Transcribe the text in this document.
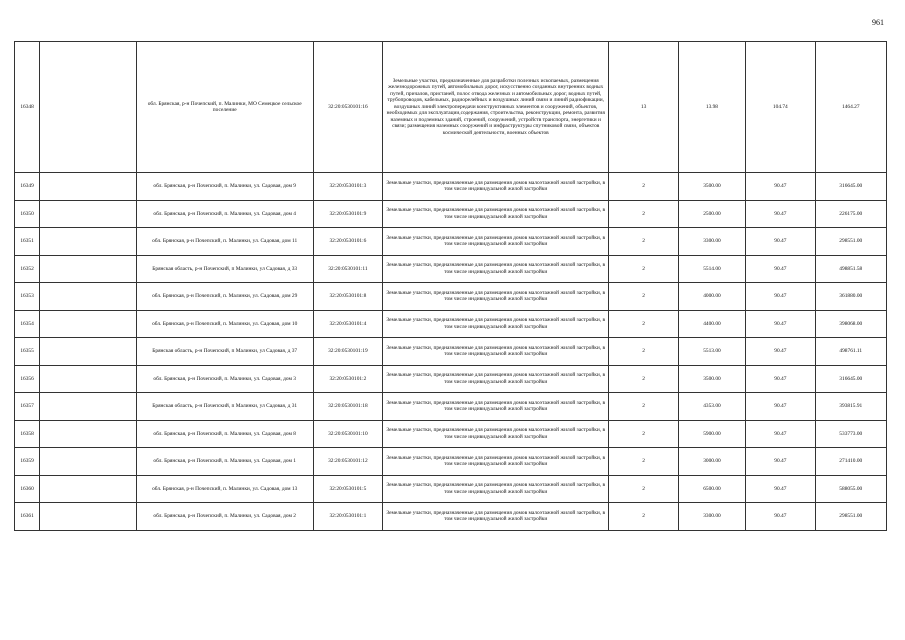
961
16348		обл. Брянская, р-н Почепский, п. Малинки, МО Семецкое сельское поселение	32:20:0530101:16	Земельные участки, предназначенные для разработки полезных ископаемых, размещения железнодорожных путей, автомобильных дорог, искусственно созданных внутренних водных путей, причалов, пристаней, полос отвода железных и автомобильных дорог, водных путей, трубопроводов, кабельных, радиорелейных и воздушных линий связи и линий радиофикации, воздушных линий электропередачи конструктивных элементов и сооружений, объектов, необходимых для эксплуатации,содержания, строительства, реконструкции, ремонта, развития наземных и подземных зданий, строений, сооружений, устройств транспорта, энергетики и связи; размещения наземных сооружений и инфраструктуры спутниковой связи, объектов космической деятельности, военных объектов	13	13.98	104.74	1464.27
16349		обл. Брянская, р-н Почепский, п. Малинки, ул. Садовая, дом 9	32:20:0530101:3	Земельные участки, предназначенные для размещения домов малоэтажной жилой застройки, в том числе индивидуальной жилой застройки	2	3500.00	90.47	316645.00
16350		обл. Брянская, р-н Почепский, п. Малинки, ул. Садовая, дом 4	32:20:0530101:9	Земельные участки, предназначенные для размещения домов малоэтажной жилой застройки, в том числе индивидуальной жилой застройки	2	2500.00	90.47	226175.00
16351		обл. Брянская, р-н Почепский, п. Малинки, ул. Садовая, дом 11	32:20:0530101:6	Земельные участки, предназначенные для размещения домов малоэтажной жилой застройки, в том числе индивидуальной жилой застройки	2	3300.00	90.47	298551.00
16352		Брянская область, р-н Почепский, п Малинки, ул Садовая, д 33	32:20:0530101:11	Земельные участки, предназначенные для размещения домов малоэтажной жилой застройки, в том числе индивидуальной жилой застройки	2	5514.00	90.47	498851.58
16353		обл. Брянская, р-н Почепский, п. Малинки, ул. Садовая, дом 29	32:20:0530101:8	Земельные участки, предназначенные для размещения домов малоэтажной жилой застройки, в том числе индивидуальной жилой застройки	2	4000.00	90.47	361880.00
16354		обл. Брянская, р-н Почепский, п. Малинки, ул. Садовая, дом 10	32:20:0530101:4	Земельные участки, предназначенные для размещения домов малоэтажной жилой застройки, в том числе индивидуальной жилой застройки	2	4400.00	90.47	398068.00
16355		Брянская область, р-н Почепский, п Малинки, ул Садовая, д 37	32:20:0530101:19	Земельные участки, предназначенные для размещения домов малоэтажной жилой застройки, в том числе индивидуальной жилой застройки	2	5513.00	90.47	498761.11
16356		обл. Брянская, р-н Почепский, п. Малинки, ул. Садовая, дом 3	32:20:0530101:2	Земельные участки, предназначенные для размещения домов малоэтажной жилой застройки, в том числе индивидуальной жилой застройки	2	3500.00	90.47	316645.00
16357		Брянская область, р-н Почепский, п Малинки, ул Садовая, д 31	32:20:0530101:18	Земельные участки, предназначенные для размещения домов малоэтажной жилой застройки, в том числе индивидуальной жилой застройки	2	4353.00	90.47	393815.91
16358		обл. Брянская, р-н Почепский, п. Малинки, ул. Садовая, дом 8	32:20:0530101:10	Земельные участки, предназначенные для размещения домов малоэтажной жилой застройки, в том числе индивидуальной жилой застройки	2	5900.00	90.47	533773.00
16359		обл. Брянская, р-н Почепский, п. Малинки, ул. Садовая, дом 1	32:20:0530101:12	Земельные участки, предназначенные для размещения домов малоэтажной жилой застройки, в том числе индивидуальной жилой застройки	2	3000.00	90.47	271410.00
16360		обл. Брянская, р-н Почепский, п. Малинки, ул. Садовая, дом 13	32:20:0530101:5	Земельные участки, предназначенные для размещения домов малоэтажной жилой застройки, в том числе индивидуальной жилой застройки	2	6500.00	90.47	588055.00
16361		обл. Брянская, р-н Почепский, п. Малинки, ул. Садовая, дом 2	32:20:0530101:1	Земельные участки, предназначенные для размещения домов малоэтажной жилой застройки, в том числе индивидуальной жилой застройки	2	3300.00	90.47	298551.00
